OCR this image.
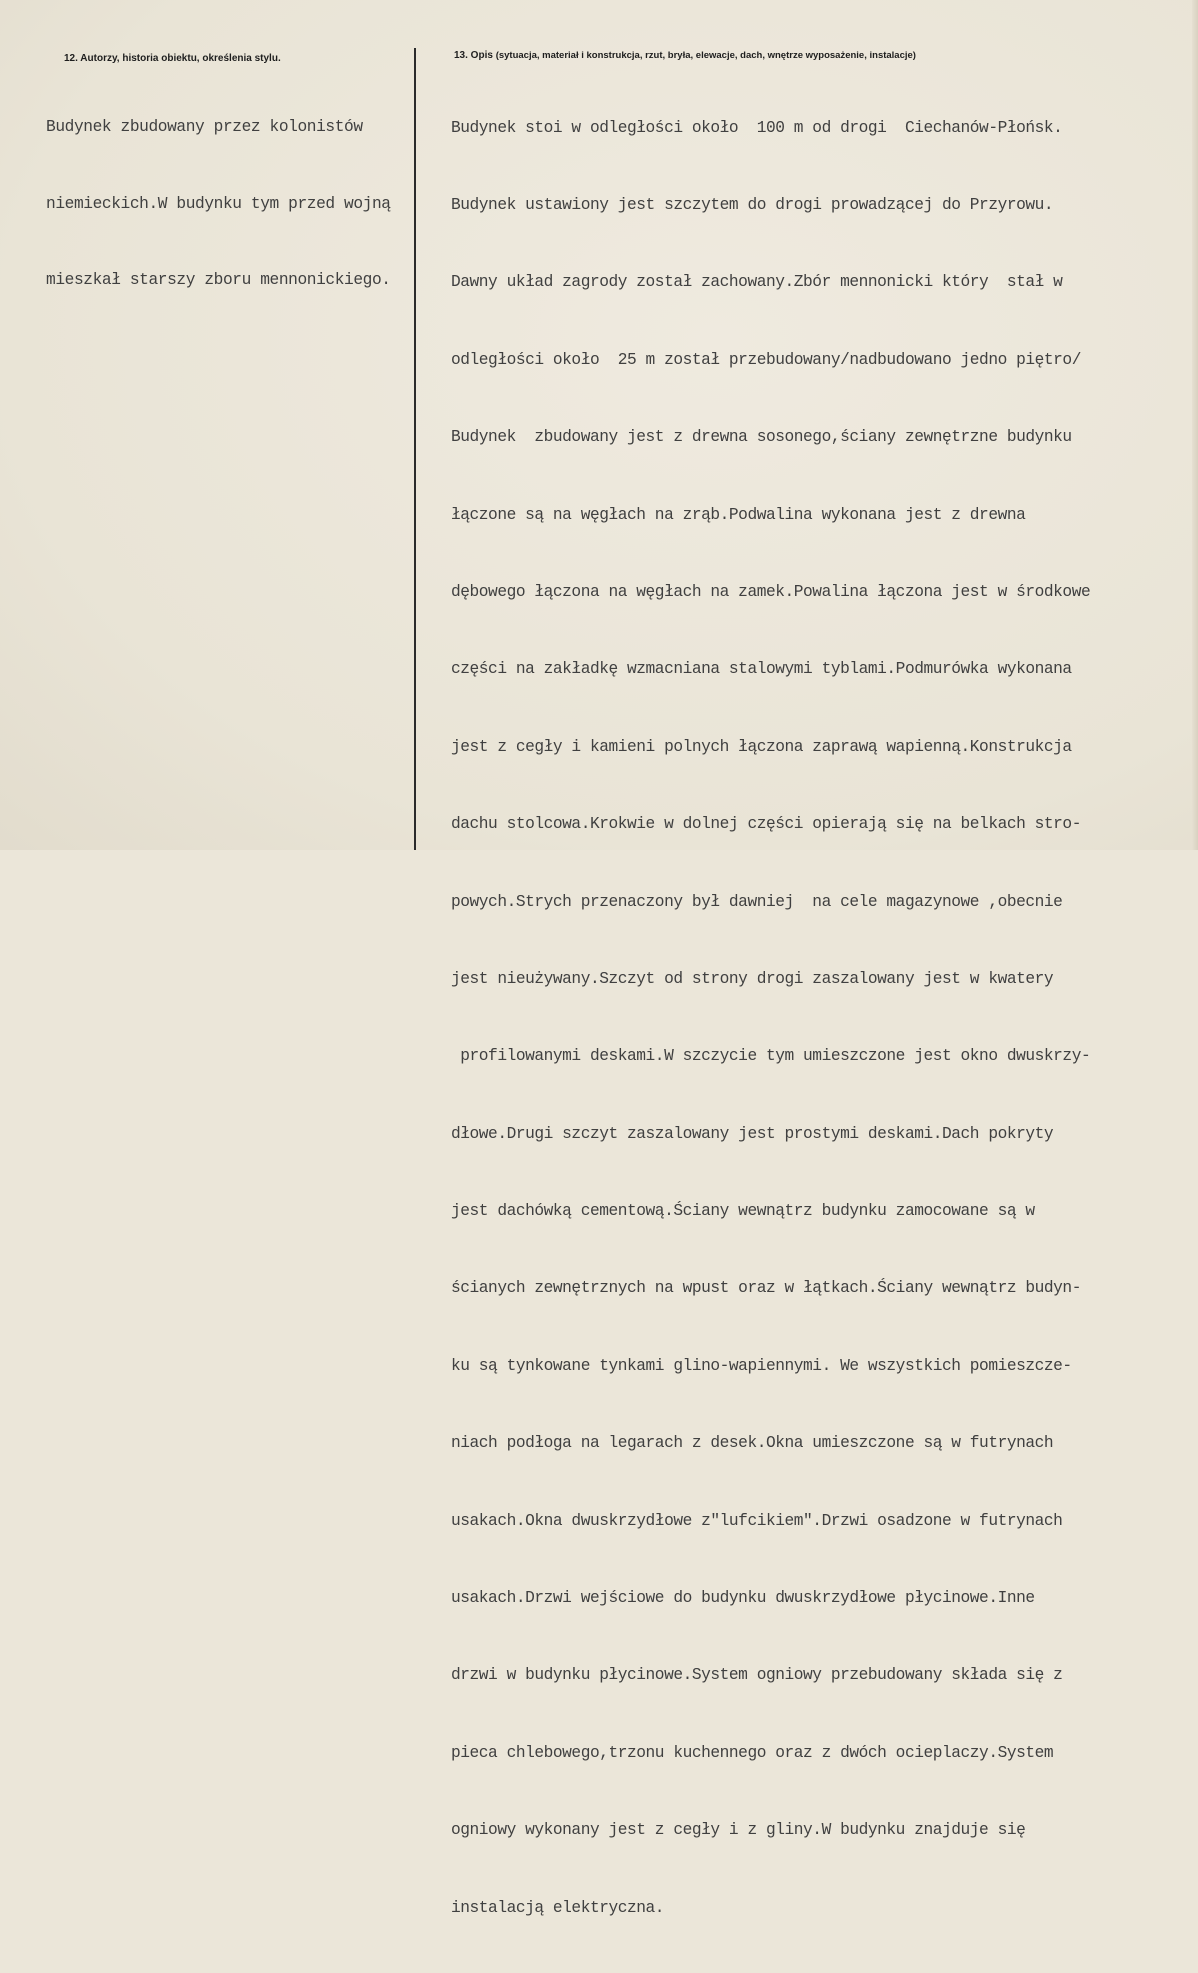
12. Autorzy, historia obiektu, określenia stylu.	13. Opis (sytuacja, materiał i konstrukcja, rzut, bryła, elewacje, dach, wnętrze wyposażenie, instalacje)

Budynek zbudowany przez kolonistów

niemieckich.W budynku tym przed wojną

mieszkał starszy zboru mennonickiego.

Budynek stoi w odległości około  100 m od drogi  Ciechanów-Płońsk.

Budynek ustawiony jest szczytem do drogi prowadzącej do Przyrowu.

Dawny układ zagrody został zachowany.Zbór mennonicki który  stał w

odległości około  25 m został przebudowany/nadbudowano jedno piętro/

Budynek  zbudowany jest z drewna sosonego,ściany zewnętrzne budynku

łączone są na węgłach na zrąb.Podwalina wykonana jest z drewna

dębowego łączona na węgłach na zamek.Powalina łączona jest w środkowe

części na zakładkę wzmacniana stalowymi tyblami.Podmurówka wykonana

jest z cegły i kamieni polnych łączona zaprawą wapienną.Konstrukcja

dachu stolcowa.Krokwie w dolnej części opierają się na belkach stro-

powych.Strych przenaczony był dawniej  na cele magazynowe ,obecnie

jest nieużywany.Szczyt od strony drogi zaszalowany jest w kwatery

profilowanymi deskami.W szczycie tym umieszczone jest okno dwuskrzy-

dłowe.Drugi szczyt zaszalowany jest prostymi deskami.Dach pokryty

jest dachówką cementową.Ściany wewnątrz budynku zamocowane są w

ścianych zewnętrznych na wpust oraz w łątkach.Ściany wewnątrz budyn-

ku są tynkowane tynkami glino-wapiennymi. We wszystkich pomieszcze-

niach podłoga na legarach z desek.Okna umieszczone są w futrynach

usakach.Okna dwuskrzydłowe z"lufcikiem".Drzwi osadzone w futrynach

usakach.Drzwi wejściowe do budynku dwuskrzydłowe płycinowe.Inne

drzwi w budynku płycinowe.System ogniowy przebudowany składa się z

pieca chlebowego,trzonu kuchennego oraz z dwóch ocieplaczy.System

ogniowy wykonany jest z cegły i z gliny.W budynku znajduje się

instalacją elektryczna.
